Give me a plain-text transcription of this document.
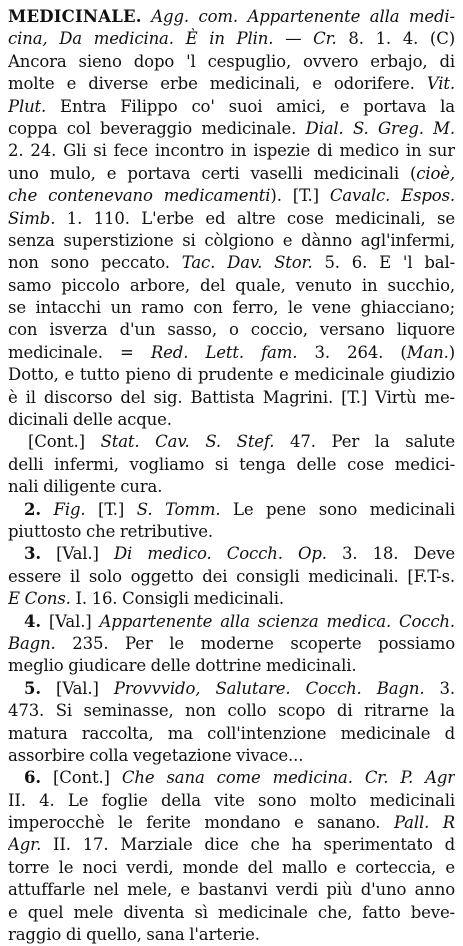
MEDICINALE. Agg. com. Appartenente alla medi-
cina, Da medicina. È in Plin. — Cr. 8. 1. 4. (C)
Ancora sieno dopo 'l cespuglio, ovvero erbajo, di
molte e diverse erbe medicinali, e odorifere. Vit.
Plut. Entra Filippo co' suoi amici, e portava la
coppa col beveraggio medicinale. Dial. S. Greg. M.
2. 24. Gli si fece incontro in ispezie di medico in sur
uno mulo, e portava certi vaselli medicinali (cioè,
che contenevano medicamenti). [T.] Cavalc. Espos.
Simb. 1. 110. L'erbe ed altre cose medicinali, se
senza superstizione si còlgiono e dànno agl'infermi,
non sono peccato. Tac. Dav. Stor. 5. 6. E 'l bal-
samo piccolo arbore, del quale, venuto in succhio,
se intacchi un ramo con ferro, le vene ghiacciano;
con isverza d'un sasso, o coccio, versano liquore
medicinale. = Red. Lett. fam. 3. 264. (Man.)
Dotto, e tutto pieno di prudente e medicinale giudizio
è il discorso del sig. Battista Magrini. [T.] Virtù me-
dicinali delle acque.
[Cont.] Stat. Cav. S. Stef. 47. Per la salute
delli infermi, vogliamo si tenga delle cose medici-
nali diligente cura.
2. Fig. [T.] S. Tomm. Le pene sono medicinali
piuttosto che retributive.
3. [Val.] Di medico. Cocch. Op. 3. 18. Deve
essere il solo oggetto dei consigli medicinali. [F.T-s.
E Cons. I. 16. Consigli medicinali.
4. [Val.] Appartenente alla scienza medica. Cocch.
Bagn. 235. Per le moderne scoperte possiamo
meglio giudicare delle dottrine medicinali.
5. [Val.] Provvvido, Salutare. Cocch. Bagn. 3.
473. Si seminasse, non collo scopo di ritrarne la
matura raccolta, ma coll'intenzione medicinale d
assorbire colla vegetazione vivace...
6. [Cont.] Che sana come medicina. Cr. P. Agr
II. 4. Le foglie della vite sono molto medicinali
imperocchè le ferite mondano e sanano. Pall. R
Agr. II. 17. Marziale dice che ha sperimentato d
torre le noci verdi, monde del mallo e corteccia, e
attuffarle nel mele, e bastanvi verdi più d'uno anno
e quel mele diventa sì medicinale che, fatto beve-
raggio di quello, sana l'arterie.
